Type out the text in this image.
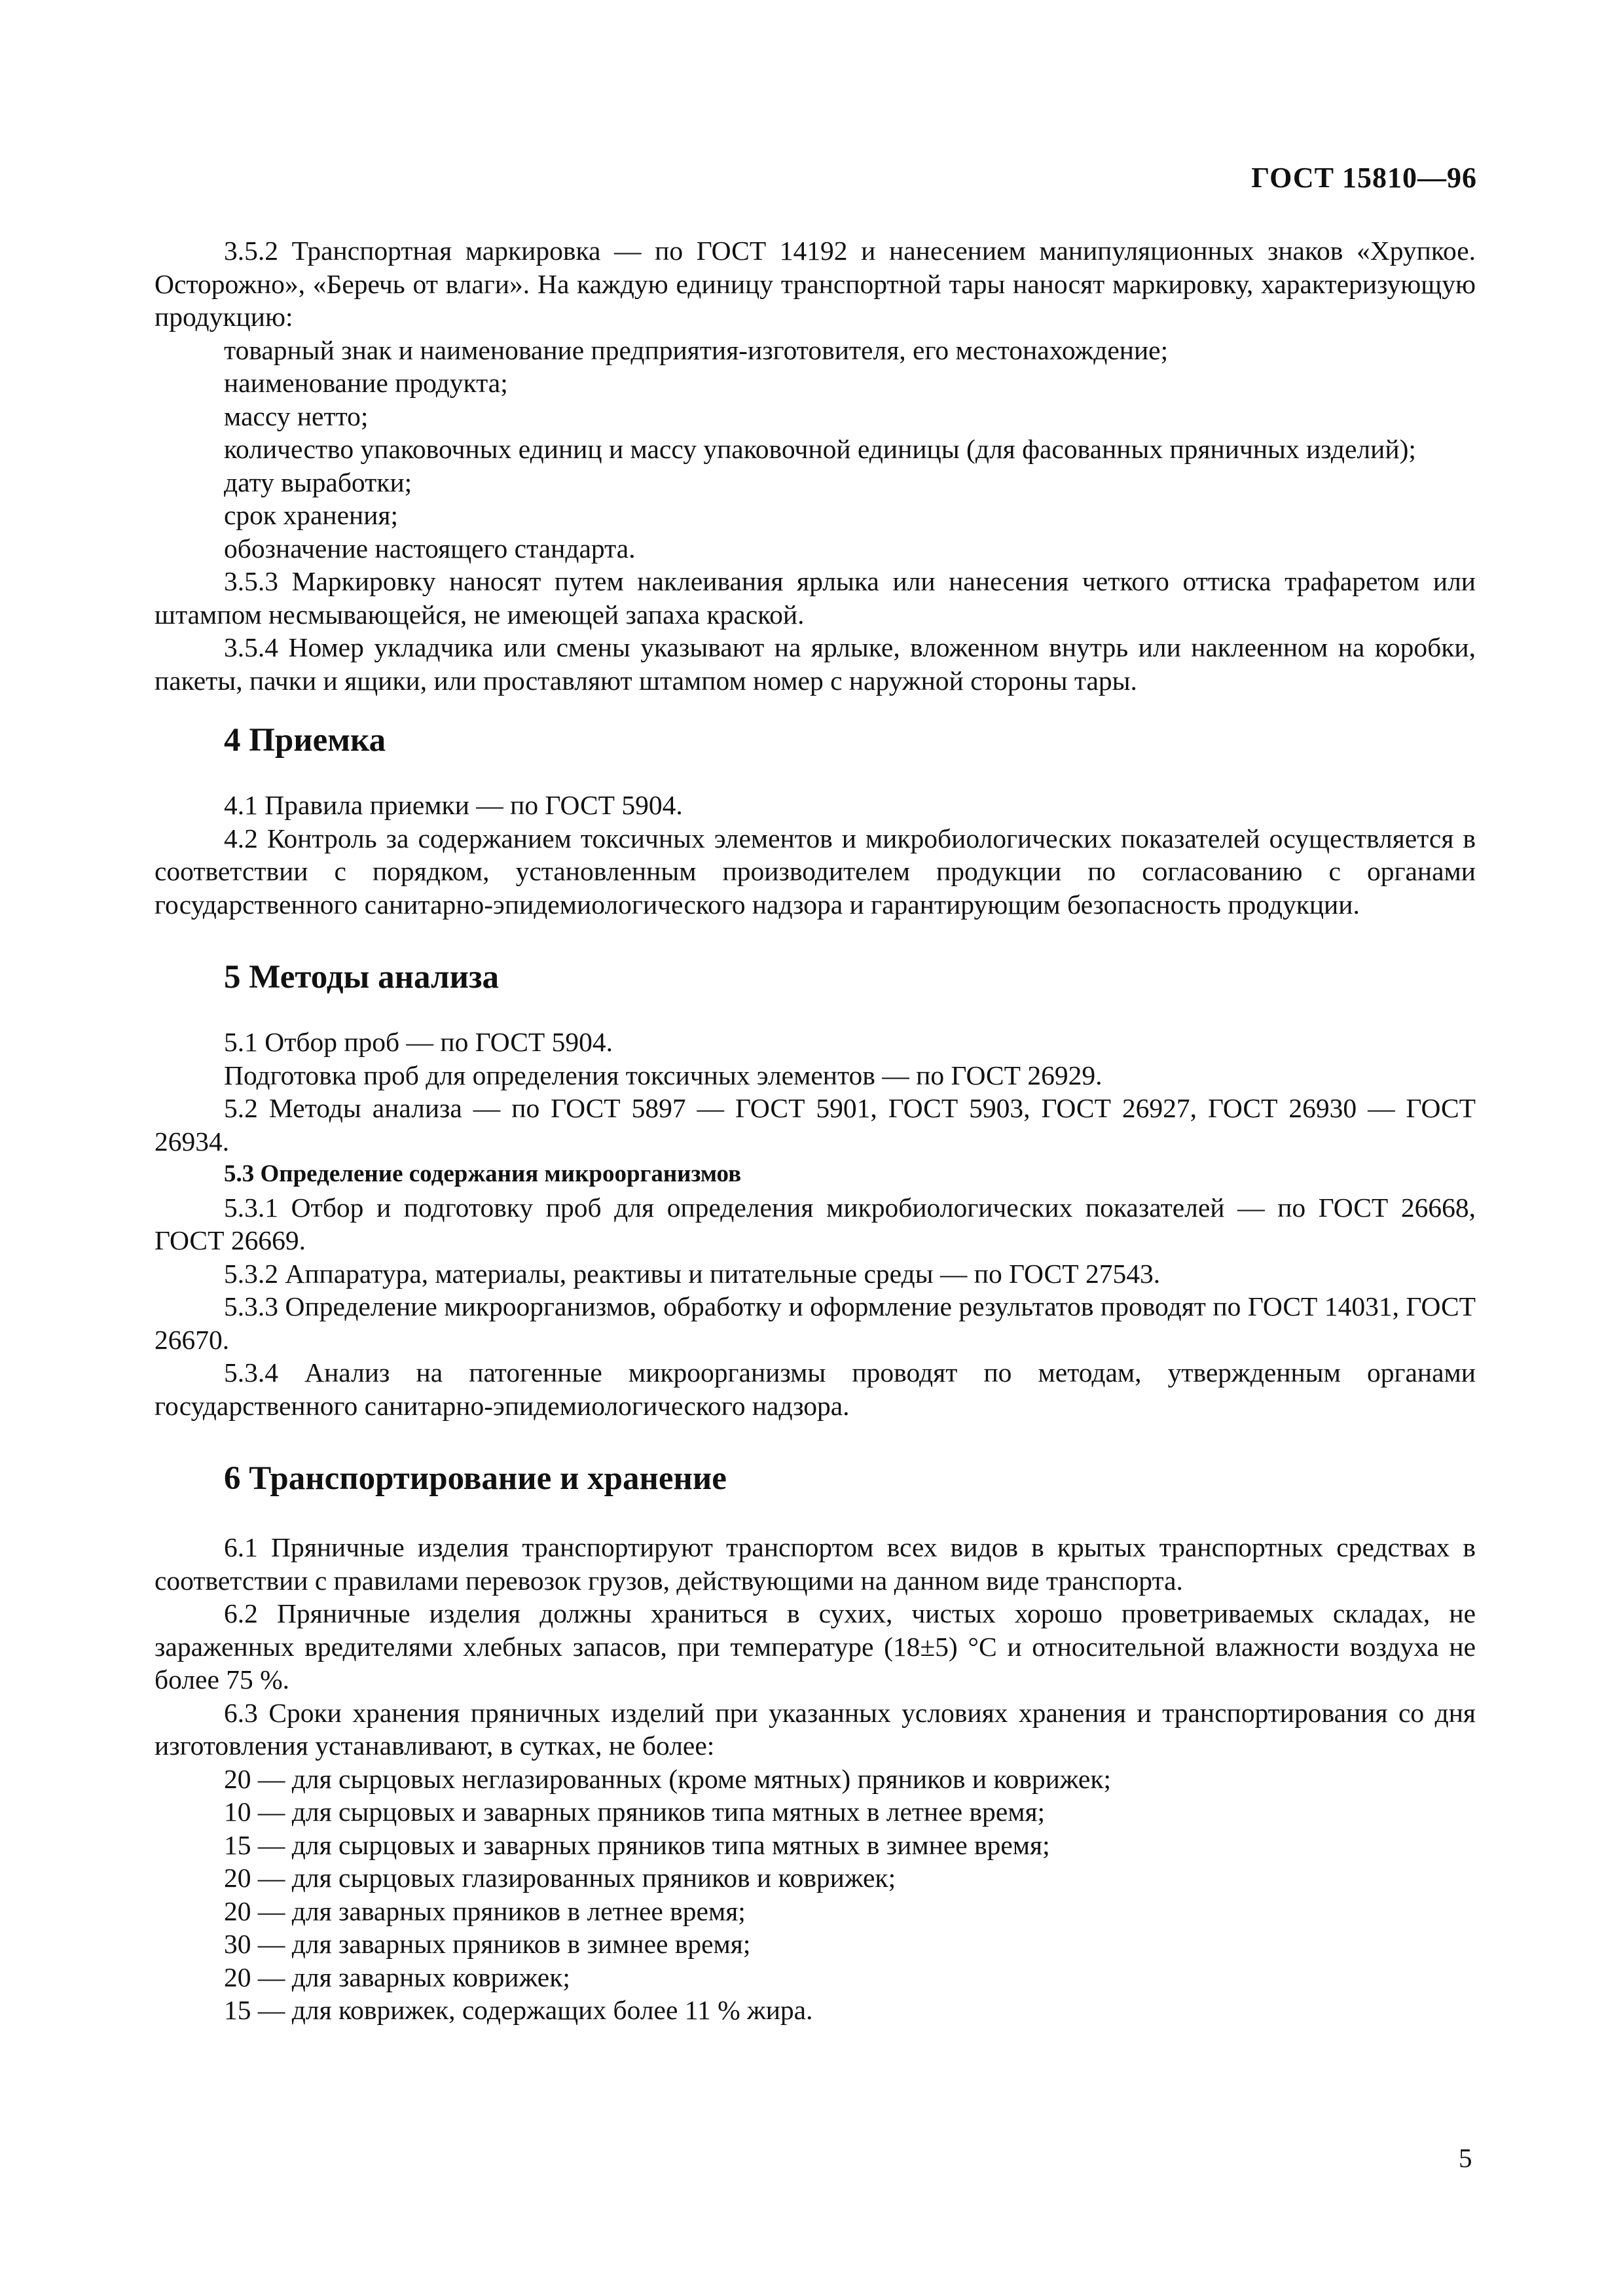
ГОСТ 15810—96

3.5.2 Транспортная маркировка — по ГОСТ 14192 и нанесением манипуляционных знаков «Хрупкое. Осторожно», «Беречь от влаги». На каждую единицу транспортной тары наносят маркировку, характеризующую продукцию:

товарный знак и наименование предприятия-изготовителя, его местонахождение;

наименование продукта;

массу нетто;

количество упаковочных единиц и массу упаковочной единицы (для фасованных пряничных изделий);

дату выработки;

срок хранения;

обозначение настоящего стандарта.

3.5.3 Маркировку наносят путем наклеивания ярлыка или нанесения четкого оттиска трафаретом или штампом несмывающейся, не имеющей запаха краской.

3.5.4 Номер укладчика или смены указывают на ярлыке, вложенном внутрь или наклеенном на коробки, пакеты, пачки и ящики, или проставляют штампом номер с наружной стороны тары.

4 Приемка

4.1 Правила приемки — по ГОСТ 5904.

4.2 Контроль за содержанием токсичных элементов и микробиологических показателей осуществляется в соответствии с порядком, установленным производителем продукции по согласованию с органами государственного санитарно-эпидемиологического надзора и гарантирующим безопасность продукции.

5 Методы анализа

5.1 Отбор проб — по ГОСТ 5904.

Подготовка проб для определения токсичных элементов — по ГОСТ 26929.

5.2 Методы анализа — по ГОСТ 5897 — ГОСТ 5901, ГОСТ 5903, ГОСТ 26927, ГОСТ 26930 — ГОСТ 26934.

5.3 Определение содержания микроорганизмов

5.3.1 Отбор и подготовку проб для определения микробиологических показателей — по ГОСТ 26668, ГОСТ 26669.

5.3.2 Аппаратура, материалы, реактивы и питательные среды — по ГОСТ 27543.

5.3.3 Определение микроорганизмов, обработку и оформление результатов проводят по ГОСТ 14031, ГОСТ 26670.

5.3.4 Анализ на патогенные микроорганизмы проводят по методам, утвержденным органами государственного санитарно-эпидемиологического надзора.

6 Транспортирование и хранение

6.1 Пряничные изделия транспортируют транспортом всех видов в крытых транспортных средствах в соответствии с правилами перевозок грузов, действующими на данном виде транспорта.

6.2 Пряничные изделия должны храниться в сухих, чистых хорошо проветриваемых складах, не зараженных вредителями хлебных запасов, при температуре (18±5) °С и относительной влажности воздуха не более 75 %.

6.3 Сроки хранения пряничных изделий при указанных условиях хранения и транспортирования со дня изготовления устанавливают, в сутках, не более:

20 — для сырцовых неглазированных (кроме мятных) пряников и коврижек;

10 — для сырцовых и заварных пряников типа мятных в летнее время;

15 — для сырцовых и заварных пряников типа мятных в зимнее время;

20 — для сырцовых глазированных пряников и коврижек;

20 — для заварных пряников в летнее время;

30 — для заварных пряников в зимнее время;

20 — для заварных коврижек;

15 — для коврижек, содержащих более 11 % жира.

5
